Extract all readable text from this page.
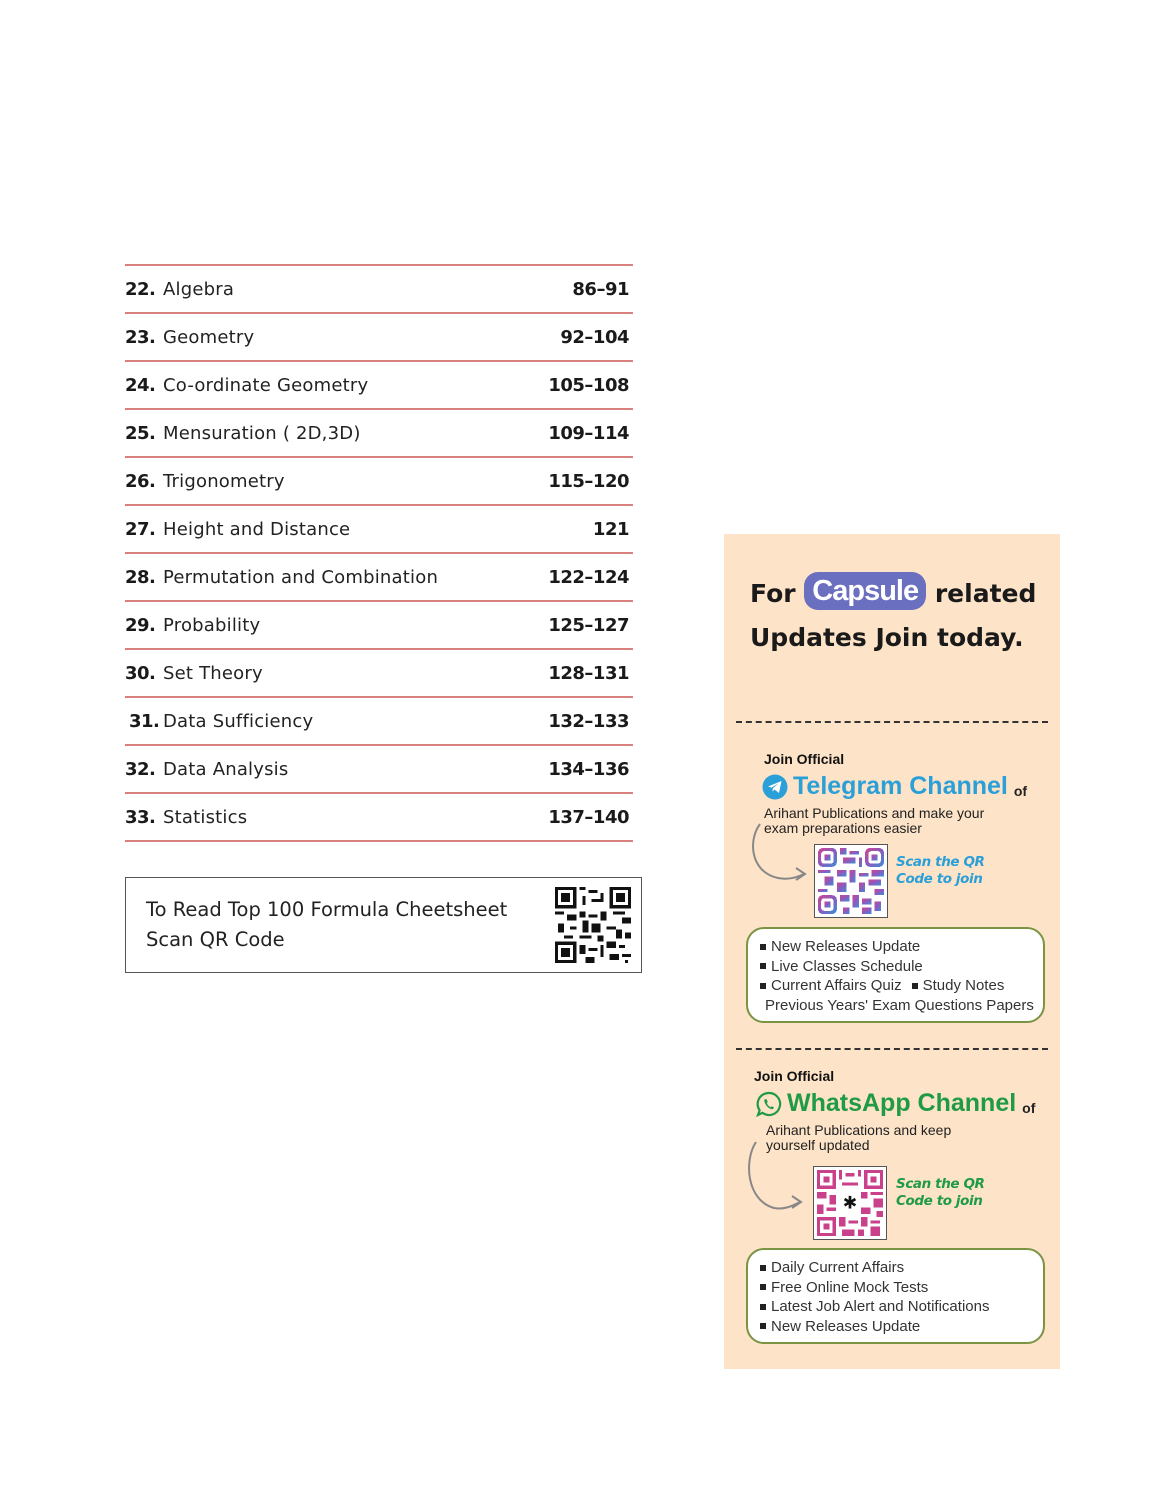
22. Algebra	86–91
23. Geometry	92–104
24. Co-ordinate Geometry	105–108
25. Mensuration ( 2D,3D)	109–114
26. Trigonometry	115–120
27. Height and Distance	121
28. Permutation and Combination	122–124
29. Probability	125–127
30. Set Theory	128–131
31. Data Sufficiency	132–133
32. Data Analysis	134–136
33. Statistics	137–140
To Read Top 100 Formula Cheetsheet
Scan QR Code
For Capsule related
Updates Join today.
Join Official
Telegram Channel of
Arihant Publications and make your
exam preparations easier
Scan the QR
Code to join
New Releases Update
Live Classes Schedule
Current Affairs Quiz Study Notes
Previous Years' Exam Questions Papers
Join Official
WhatsApp Channel of
Arihant Publications and keep
yourself updated
✱
Scan the QR
Code to join
Daily Current Affairs
Free Online Mock Tests
Latest Job Alert and Notifications
New Releases Update
